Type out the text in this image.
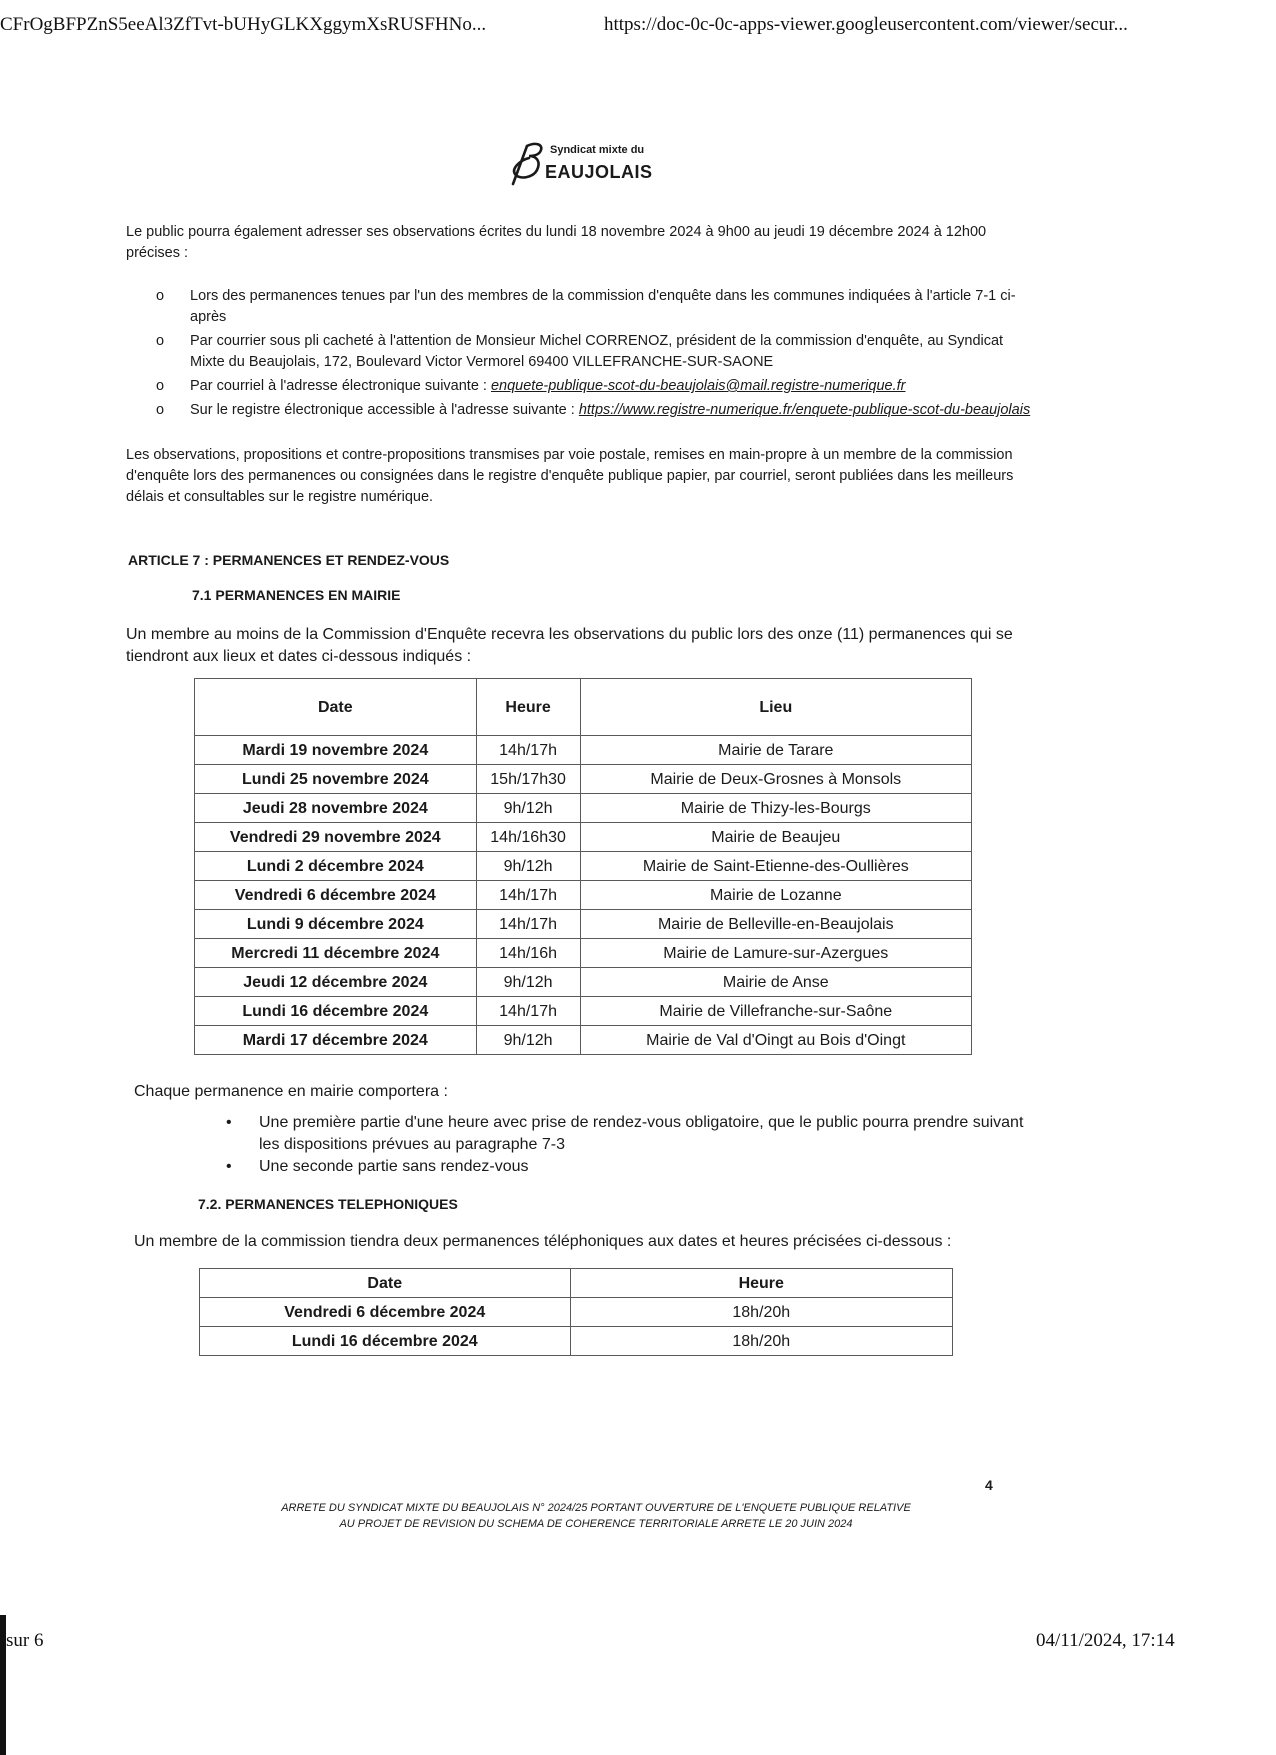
CFrOgBFPZnS5eeAl3ZfTvt-bUHyGLKXggymXsRUSFHNo...	https://doc-0c-0c-apps-viewer.googleusercontent.com/viewer/secur...
Syndicat mixte du
EAUJOLAIS

Le public pourra également adresser ses observations écrites du lundi 18 novembre 2024 à 9h00 au jeudi 19 décembre 2024 à 12h00 précises :

o Lors des permanences tenues par l'un des membres de la commission d'enquête dans les communes indiquées à l'article 7-1 ci-après
o Par courrier sous pli cacheté à l'attention de Monsieur Michel CORRENOZ, président de la commission d'enquête, au Syndicat Mixte du Beaujolais, 172, Boulevard Victor Vermorel 69400 VILLEFRANCHE-SUR-SAONE
o Par courriel à l'adresse électronique suivante : enquete-publique-scot-du-beaujolais@mail.registre-numerique.fr
o Sur le registre électronique accessible à l'adresse suivante : https://www.registre-numerique.fr/enquete-publique-scot-du-beaujolais

Les observations, propositions et contre-propositions transmises par voie postale, remises en main-propre à un membre de la commission d'enquête lors des permanences ou consignées dans le registre d'enquête publique papier, par courriel, seront publiées dans les meilleurs délais et consultables sur le registre numérique.

ARTICLE 7 : PERMANENCES ET RENDEZ-VOUS
7.1 PERMANENCES EN MAIRIE

Un membre au moins de la Commission d'Enquête recevra les observations du public lors des onze (11) permanences qui se tiendront aux lieux et dates ci-dessous indiqués :

Date	Heure	Lieu
Mardi 19 novembre 2024	14h/17h	Mairie de Tarare
Lundi 25 novembre 2024	15h/17h30	Mairie de Deux-Grosnes à Monsols
Jeudi 28 novembre 2024	9h/12h	Mairie de Thizy-les-Bourgs
Vendredi 29 novembre 2024	14h/16h30	Mairie de Beaujeu
Lundi 2 décembre 2024	9h/12h	Mairie de Saint-Etienne-des-Oullières
Vendredi 6 décembre 2024	14h/17h	Mairie de Lozanne
Lundi 9 décembre 2024	14h/17h	Mairie de Belleville-en-Beaujolais
Mercredi 11 décembre 2024	14h/16h	Mairie de Lamure-sur-Azergues
Jeudi 12 décembre 2024	9h/12h	Mairie de Anse
Lundi 16 décembre 2024	14h/17h	Mairie de Villefranche-sur-Saône
Mardi 17 décembre 2024	9h/12h	Mairie de Val d'Oingt au Bois d'Oingt

Chaque permanence en mairie comportera :

• Une première partie d'une heure avec prise de rendez-vous obligatoire, que le public pourra prendre suivant les dispositions prévues au paragraphe 7-3
• Une seconde partie sans rendez-vous
7.2. PERMANENCES TELEPHONIQUES

Un membre de la commission tiendra deux permanences téléphoniques aux dates et heures précisées ci-dessous :

Date	Heure
Vendredi 6 décembre 2024	18h/20h
Lundi 16 décembre 2024	18h/20h
4
ARRETE DU SYNDICAT MIXTE DU BEAUJOLAIS N° 2024/25 PORTANT OUVERTURE DE L'ENQUETE PUBLIQUE RELATIVE
AU PROJET DE REVISION DU SCHEMA DE COHERENCE TERRITORIALE ARRETE LE 20 JUIN 2024
sur 6	04/11/2024, 17:14
